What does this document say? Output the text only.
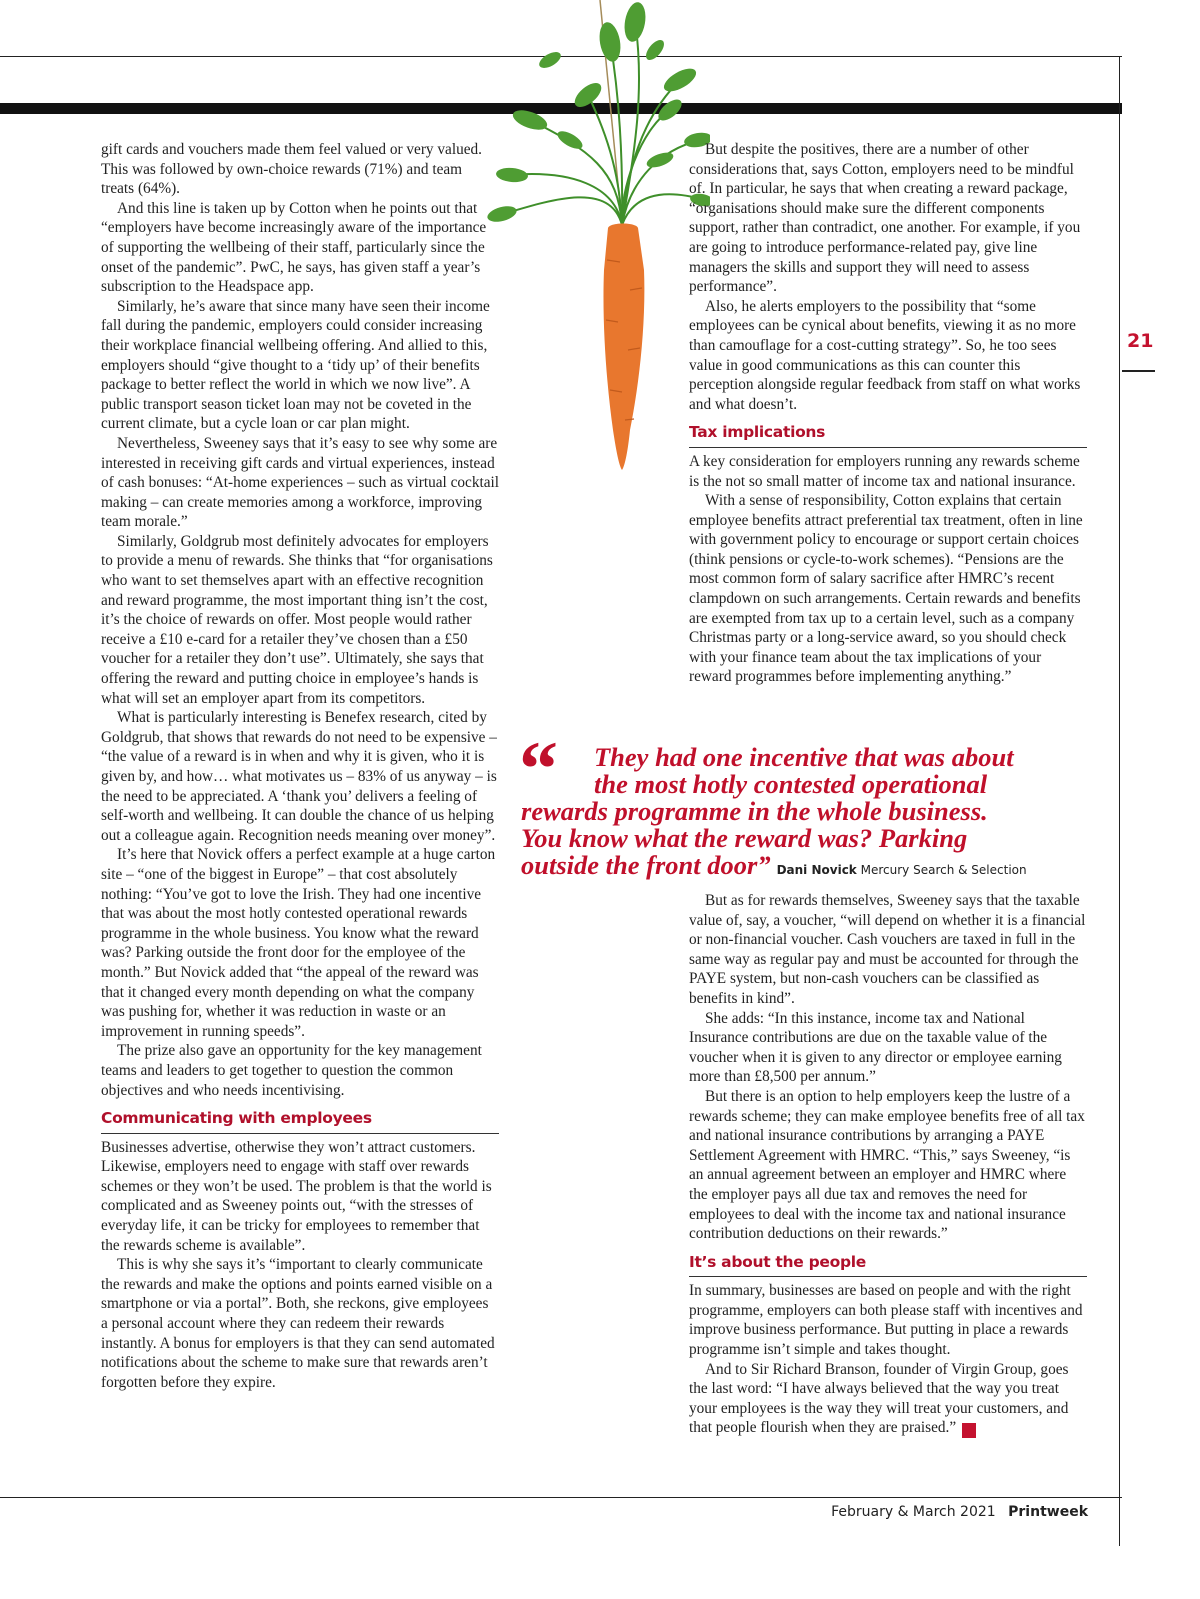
21

gift cards and vouchers made them feel valued or very valued. This was followed by own-choice rewards (71%) and team treats (64%).

And this line is taken up by Cotton when he points out that “employers have become increasingly aware of the importance of supporting the wellbeing of their staff, particularly since the onset of the pandemic”. PwC, he says, has given staff a year’s subscription to the Headspace app.

Similarly, he’s aware that since many have seen their income fall during the pandemic, employers could consider increasing their workplace financial wellbeing offering. And allied to this, employers should “give thought to a ‘tidy up’ of their benefits package to better reflect the world in which we now live”. A public transport season ticket loan may not be coveted in the current climate, but a cycle loan or car plan might.

Nevertheless, Sweeney says that it’s easy to see why some are interested in receiving gift cards and virtual experiences, instead of cash bonuses: “At-home experiences – such as virtual cocktail making – can create memories among a workforce, improving team morale.”

Similarly, Goldgrub most definitely advocates for employers to provide a menu of rewards. She thinks that “for organisations who want to set themselves apart with an effective recognition and reward programme, the most important thing isn’t the cost, it’s the choice of rewards on offer. Most people would rather receive a £10 e-card for a retailer they’ve chosen than a £50 voucher for a retailer they don’t use”. Ultimately, she says that offering the reward and putting choice in employee’s hands is what will set an employer apart from its competitors.

What is particularly interesting is Benefex research, cited by Goldgrub, that shows that rewards do not need to be expensive – “the value of a reward is in when and why it is given, who it is given by, and how… what motivates us – 83% of us anyway – is the need to be appreciated. A ‘thank you’ delivers a feeling of self-worth and wellbeing. It can double the chance of us helping out a colleague again. Recognition needs meaning over money”.

It’s here that Novick offers a perfect example at a huge carton site – “one of the biggest in Europe” – that cost absolutely nothing: “You’ve got to love the Irish. They had one incentive that was about the most hotly contested operational rewards programme in the whole business. You know what the reward was? Parking outside the front door for the employee of the month.” But Novick added that “the appeal of the reward was that it changed every month depending on what the company was pushing for, whether it was reduction in waste or an improvement in running speeds”.

The prize also gave an opportunity for the key management teams and leaders to get together to question the common objectives and who needs incentivising.

Communicating with employees

Businesses advertise, otherwise they won’t attract customers. Likewise, employers need to engage with staff over rewards schemes or they won’t be used. The problem is that the world is complicated and as Sweeney points out, “with the stresses of everyday life, it can be tricky for employees to remember that the rewards scheme is available”.

This is why she says it’s “important to clearly communicate the rewards and make the options and points earned visible on a smartphone or via a portal”. Both, she reckons, give employees a personal account where they can redeem their rewards instantly. A bonus for employers is that they can send automated notifications about the scheme to make sure that rewards aren’t forgotten before they expire.

But despite the positives, there are a number of other considerations that, says Cotton, employers need to be mindful of. In particular, he says that when creating a reward package, “organisations should make sure the different components support, rather than contradict, one another. For example, if you are going to introduce performance-related pay, give line managers the skills and support they will need to assess performance”.

Also, he alerts employers to the possibility that “some employees can be cynical about benefits, viewing it as no more than camouflage for a cost-cutting strategy”. So, he too sees value in good communications as this can counter this perception alongside regular feedback from staff on what works and what doesn’t.

Tax implications

A key consideration for employers running any rewards scheme is the not so small matter of income tax and national insurance.

With a sense of responsibility, Cotton explains that certain employee benefits attract preferential tax treatment, often in line with government policy to encourage or support certain choices (think pensions or cycle-to-work schemes). “Pensions are the most common form of salary sacrifice after HMRC’s recent clampdown on such arrangements. Certain rewards and benefits are exempted from tax up to a certain level, such as a company Christmas party or a long-service award, so you should check with your finance team about the tax implications of your reward programmes before implementing anything.”

“	They had one incentive that was about
the most hotly contested operational
rewards programme in the whole business.
You know what the reward was? Parking
outside the front door” Dani Novick Mercury Search & Selection

But as for rewards themselves, Sweeney says that the taxable value of, say, a voucher, “will depend on whether it is a financial or non-financial voucher. Cash vouchers are taxed in full in the same way as regular pay and must be accounted for through the PAYE system, but non-cash vouchers can be classified as benefits in kind”.

She adds: “In this instance, income tax and National Insurance contributions are due on the taxable value of the voucher when it is given to any director or employee earning more than £8,500 per annum.”

But there is an option to help employers keep the lustre of a rewards scheme; they can make employee benefits free of all tax and national insurance contributions by arranging a PAYE Settlement Agreement with HMRC. “This,” says Sweeney, “is an annual agreement between an employer and HMRC where the employer pays all due tax and removes the need for employees to deal with the income tax and national insurance contribution deductions on their rewards.”

It’s about the people

In summary, businesses are based on people and with the right programme, employers can both please staff with incentives and improve business performance. But putting in place a rewards programme isn’t simple and takes thought.

And to Sir Richard Branson, founder of Virgin Group, goes the last word: “I have always believed that the way you treat your employees is the way they will treat your customers, and that people flourish when they are praised.” P

February & March 2021 Printweek
